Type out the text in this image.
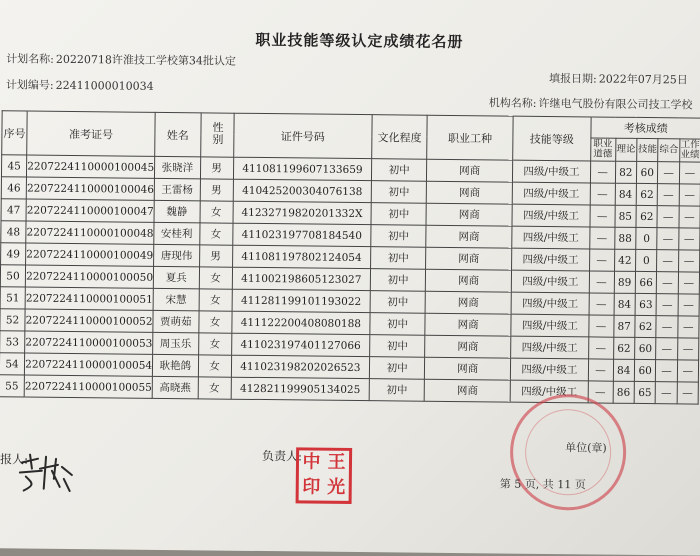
职业技能等级认定成绩花名册
计划名称: 20220718许淮技工学校第34批认定
计划编号: 22411000010034
填报日期: 2022年07月25日
机构名称: 许继电气股份有限公司技工学校
序号	准考证号	姓名	性别	证件号码	文化程度	职业工种	技能等级	考核成绩				
								职业道德	理论	技能	综合	工作业绩
45	2207224110000100045	张晓洋	男	411081199607133659	初中	网商	四级/中级工	—	82	60	—	—
46	2207224110000100046	王雷杨	男	410425200304076138	初中	网商	四级/中级工	—	84	62	—	—
47	2207224110000100047	魏静	女	41232719820201332X	初中	网商	四级/中级工	—	85	62	—	—
48	2207224110000100048	安桂利	女	411023197708184540	初中	网商	四级/中级工	—	88	0	—	—
49	2207224110000100049	唐现伟	男	411081197802124054	初中	网商	四级/中级工	—	42	0	—	—
50	2207224110000100050	夏兵	女	411002198605123027	初中	网商	四级/中级工	—	89	66	—	—
51	2207224110000100051	宋慧	女	411281199101193022	初中	网商	四级/中级工	—	84	63	—	—
52	2207224110000100052	贾萌茹	女	411122200408080188	初中	网商	四级/中级工	—	87	62	—	—
53	2207224110000100053	周玉乐	女	411023197401127066	初中	网商	四级/中级工	—	62	60	—	—
54	2207224110000100054	耿艳鸽	女	411023198202026523	初中	网商	四级/中级工	—	84	60	—	—
55	2207224110000100055	高晓燕	女	412821199905134025	初中	网商	四级/中级工	—	86	65	—	—
报人:	负责人: 中 王
印 光
单位(章)
第 5 页, 共 11 页
